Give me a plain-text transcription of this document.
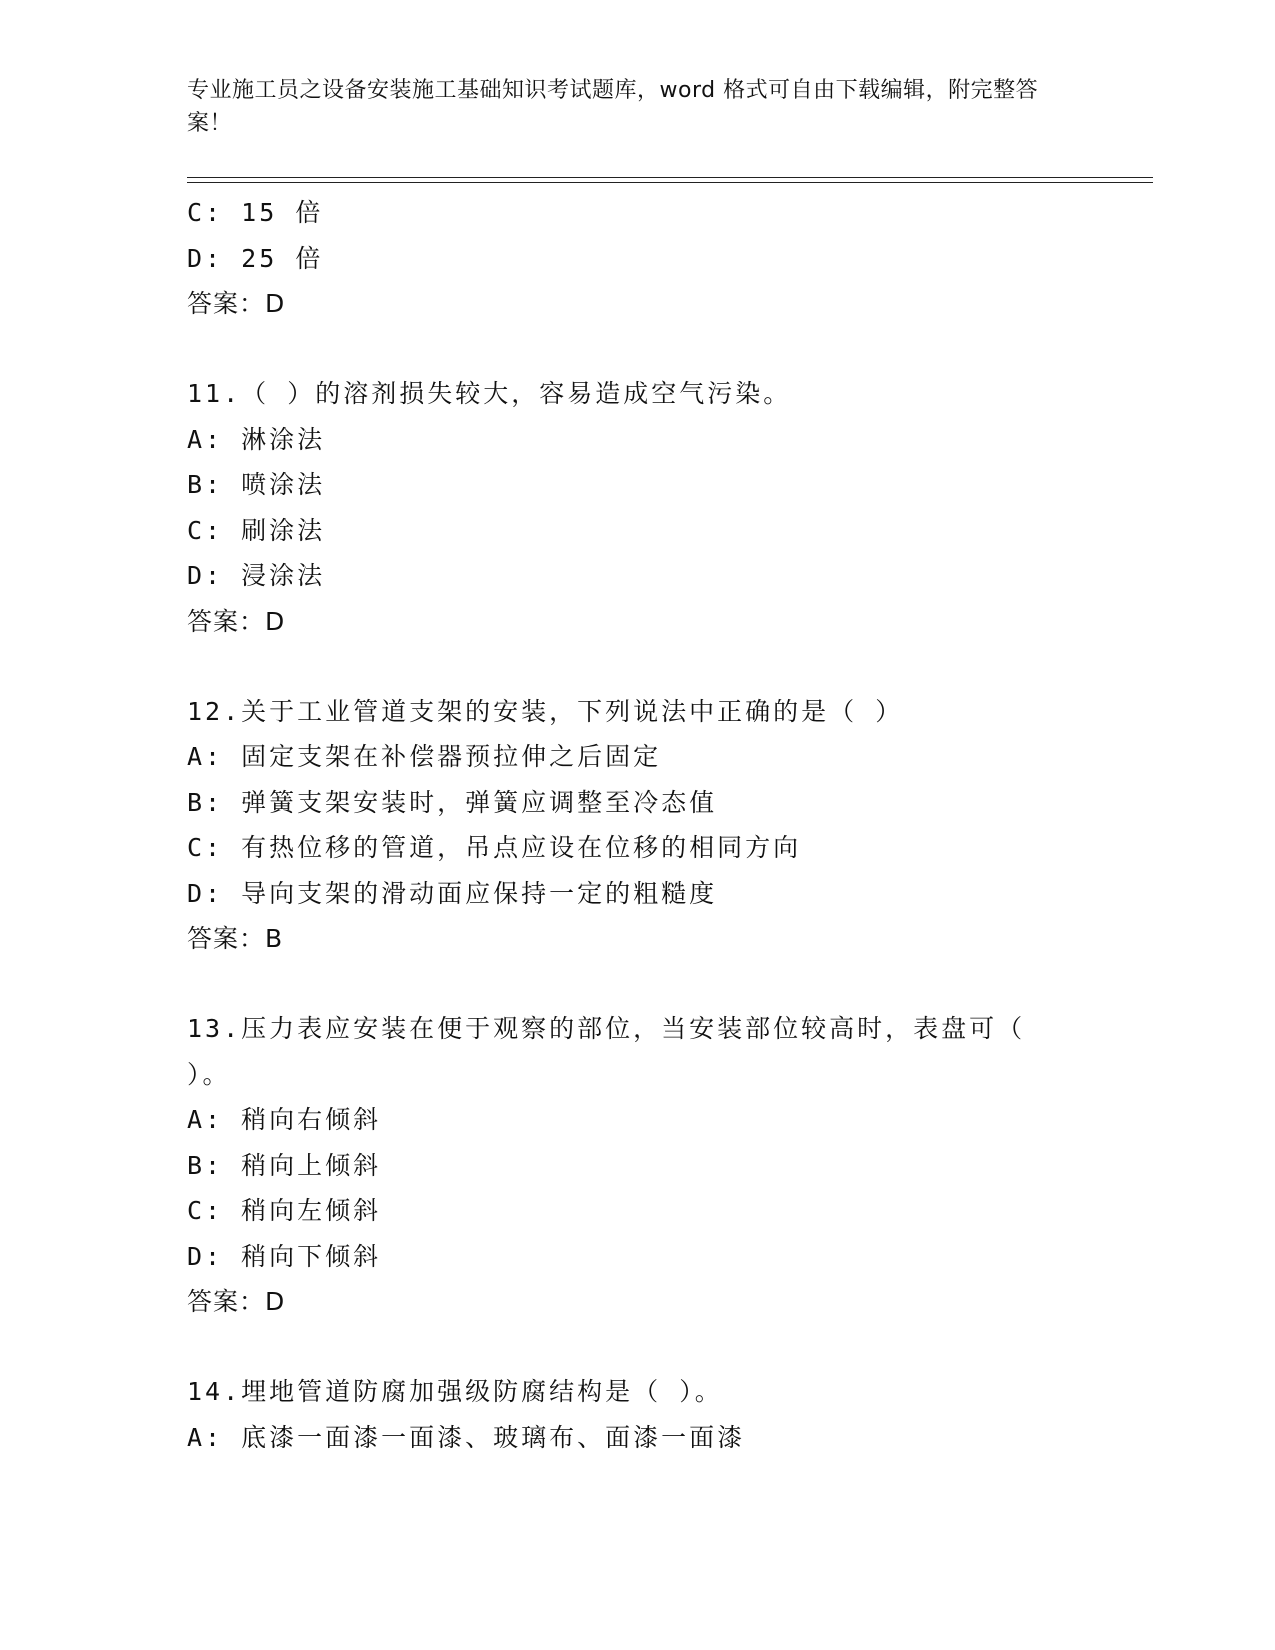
专业施工员之设备安装施工基础知识考试题库，word 格式可自由下载编辑，附完整答案！
C: 15 倍
D: 25 倍
答案：D
11.（ ）的溶剂损失较大，容易造成空气污染。
A: 淋涂法
B: 喷涂法
C: 刷涂法
D: 浸涂法
答案：D
12.关于工业管道支架的安装，下列说法中正确的是（ ）
A: 固定支架在补偿器预拉伸之后固定
B: 弹簧支架安装时，弹簧应调整至冷态值
C: 有热位移的管道，吊点应设在位移的相同方向
D: 导向支架的滑动面应保持一定的粗糙度
答案：B
13.压力表应安装在便于观察的部位，当安装部位较高时，表盘可（ ）。
A: 稍向右倾斜
B: 稍向上倾斜
C: 稍向左倾斜
D: 稍向下倾斜
答案：D
14.埋地管道防腐加强级防腐结构是（ ）。
A: 底漆一面漆一面漆、玻璃布、面漆一面漆
